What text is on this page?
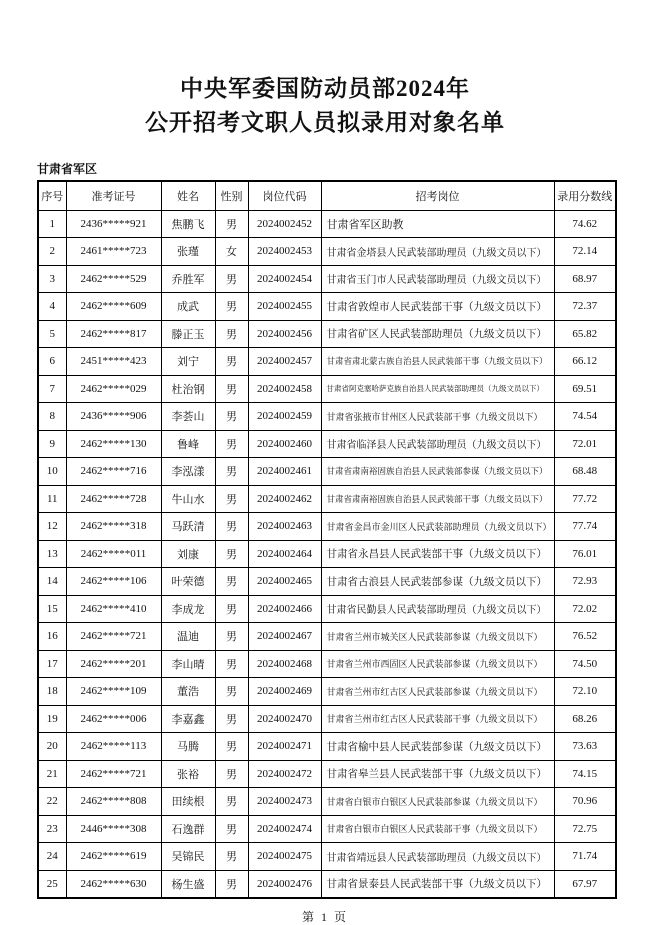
中央军委国防动员部2024年
公开招考文职人员拟录用对象名单
甘肃省军区
序号	准考证号	姓名	性别	岗位代码	招考岗位	录用分数线
1	2436*****921	焦鹏飞	男	2024002452	甘肃省军区助教	74.62
2	2461*****723	张瑾	女	2024002453	甘肃省金塔县人民武装部助理员（九级文员以下）	72.14
3	2462*****529	乔胜军	男	2024002454	甘肃省玉门市人民武装部助理员（九级文员以下）	68.97
4	2462*****609	成武	男	2024002455	甘肃省敦煌市人民武装部干事（九级文员以下）	72.37
5	2462*****817	滕正玉	男	2024002456	甘肃省矿区人民武装部助理员（九级文员以下）	65.82
6	2451*****423	刘宁	男	2024002457	甘肃省肃北蒙古族自治县人民武装部干事（九级文员以下）	66.12
7	2462*****029	杜治钢	男	2024002458	甘肃省阿克塞哈萨克族自治县人民武装部助理员（九级文员以下）	69.51
8	2436*****906	李荟山	男	2024002459	甘肃省张掖市甘州区人民武装部干事（九级文员以下）	74.54
9	2462*****130	鲁峰	男	2024002460	甘肃省临泽县人民武装部助理员（九级文员以下）	72.01
10	2462*****716	李泓漾	男	2024002461	甘肃省肃南裕固族自治县人民武装部参谋（九级文员以下）	68.48
11	2462*****728	牛山水	男	2024002462	甘肃省肃南裕固族自治县人民武装部干事（九级文员以下）	77.72
12	2462*****318	马跃清	男	2024002463	甘肃省金昌市金川区人民武装部助理员（九级文员以下）	77.74
13	2462*****011	刘康	男	2024002464	甘肃省永昌县人民武装部干事（九级文员以下）	76.01
14	2462*****106	叶荣德	男	2024002465	甘肃省古浪县人民武装部参谋（九级文员以下）	72.93
15	2462*****410	李成龙	男	2024002466	甘肃省民勤县人民武装部助理员（九级文员以下）	72.02
16	2462*****721	温迪	男	2024002467	甘肃省兰州市城关区人民武装部参谋（九级文员以下）	76.52
17	2462*****201	李山晴	男	2024002468	甘肃省兰州市西固区人民武装部参谋（九级文员以下）	74.50
18	2462*****109	董浩	男	2024002469	甘肃省兰州市红古区人民武装部参谋（九级文员以下）	72.10
19	2462*****006	李嘉鑫	男	2024002470	甘肃省兰州市红古区人民武装部干事（九级文员以下）	68.26
20	2462*****113	马腾	男	2024002471	甘肃省榆中县人民武装部参谋（九级文员以下）	73.63
21	2462*****721	张裕	男	2024002472	甘肃省皋兰县人民武装部干事（九级文员以下）	74.15
22	2462*****808	田续根	男	2024002473	甘肃省白银市白银区人民武装部参谋（九级文员以下）	70.96
23	2446*****308	石逸群	男	2024002474	甘肃省白银市白银区人民武装部干事（九级文员以下）	72.75
24	2462*****619	吴锦民	男	2024002475	甘肃省靖远县人民武装部助理员（九级文员以下）	71.74
25	2462*****630	杨生盛	男	2024002476	甘肃省景泰县人民武装部干事（九级文员以下）	67.97
第 1 页
